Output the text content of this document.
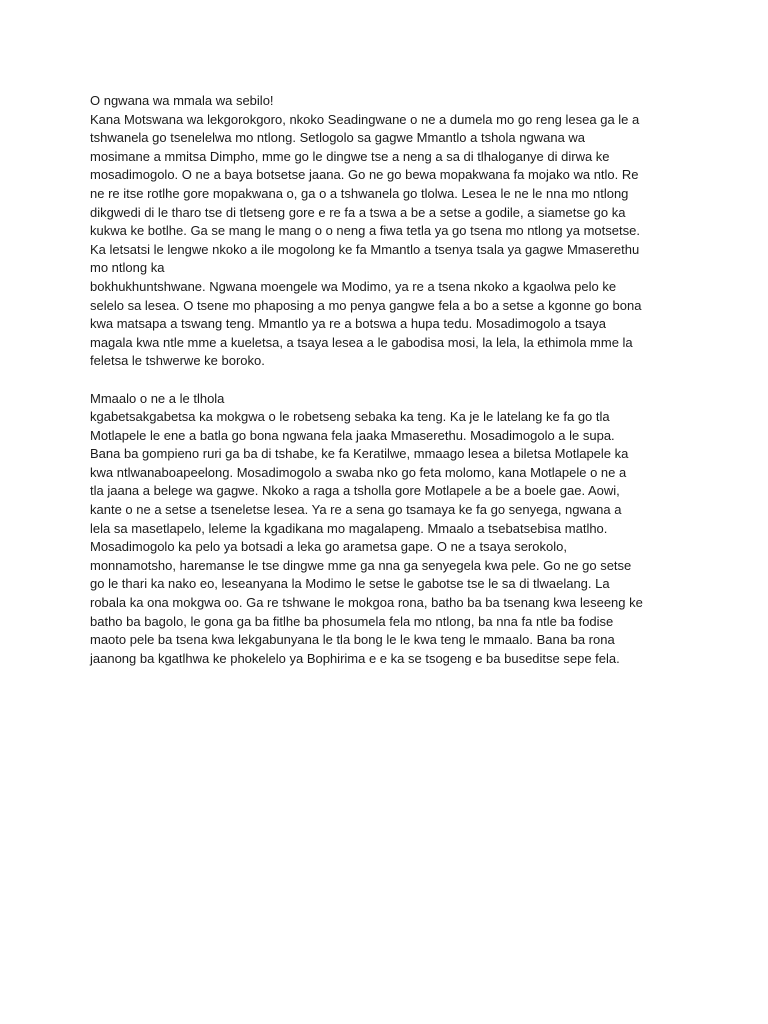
O ngwana wa mmala wa sebilo!
Kana Motswana wa lekgorokgoro, nkoko Seadingwane o ne a dumela mo go reng lesea ga le a
tshwanela go tsenelelwa mo ntlong. Setlogolo sa gagwe Mmantlo a tshola ngwana wa
mosimane a mmitsa Dimpho, mme go le dingwe tse a neng a sa di tlhaloganye di dirwa ke
mosadimogolo. O ne a baya botsetse jaana. Go ne go bewa mopakwana fa mojako wa ntlo. Re
ne re itse rotlhe gore mopakwana o, ga o a tshwanela go tlolwa. Lesea le ne le nna mo ntlong
dikgwedi di le tharo tse di tletseng gore e re fa a tswa a be a setse a godile, a siametse go ka
kukwa ke botlhe. Ga se mang le mang o o neng a fiwa tetla ya go tsena mo ntlong ya motsetse.
Ka letsatsi le lengwe nkoko a ile mogolong ke fa Mmantlo a tsenya tsala ya gagwe Mmaserethu
mo ntlong ka
bokhukhuntshwane. Ngwana moengele wa Modimo, ya re a tsena nkoko a kgaolwa pelo ke
selelo sa lesea. O tsene mo phaposing a mo penya gangwe fela a bo a setse a kgonne go bona
kwa matsapa a tswang teng. Mmantlo ya re a botswa a hupa tedu. Mosadimogolo a tsaya
magala kwa ntle mme a kueletsa, a tsaya lesea a le gabodisa mosi, la lela, la ethimola mme la
feletsa le tshwerwe ke boroko.
Mmaalo o ne a le tlhola
kgabetsakgabetsa ka mokgwa o le robetseng sebaka ka teng. Ka je le latelang ke fa go tla
Motlapele le ene a batla go bona ngwana fela jaaka Mmaserethu. Mosadimogolo a le supa.
Bana ba gompieno ruri ga ba di tshabe, ke fa Keratilwe, mmaago lesea a biletsa Motlapele ka
kwa ntlwanaboapeelong. Mosadimogolo a swaba nko go feta molomo, kana Motlapele o ne a
tla jaana a belege wa gagwe. Nkoko a raga a tsholla gore Motlapele a be a boele gae. Aowi,
kante o ne a setse a tseneletse lesea. Ya re a sena go tsamaya ke fa go senyega, ngwana a
lela sa masetlapelo, leleme la kgadikana mo magalapeng. Mmaalo a tsebatsebisa matlho.
Mosadimogolo ka pelo ya botsadi a leka go arametsa gape. O ne a tsaya serokolo,
monnamotsho, haremanse le tse dingwe mme ga nna ga senyegela kwa pele. Go ne go setse
go le thari ka nako eo, leseanyana la Modimo le setse le gabotse tse le sa di tlwaelang. La
robala ka ona mokgwa oo. Ga re tshwane le mokgoa rona, batho ba ba tsenang kwa leseeng ke
batho ba bagolo, le gona ga ba fitlhe ba phosumela fela mo ntlong, ba nna fa ntle ba fodise
maoto pele ba tsena kwa lekgabunyana le tla bong le le kwa teng le mmaalo. Bana ba rona
jaanong ba kgatlhwa ke phokelelo ya Bophirima e e ka se tsogeng e ba buseditse sepe fela.
